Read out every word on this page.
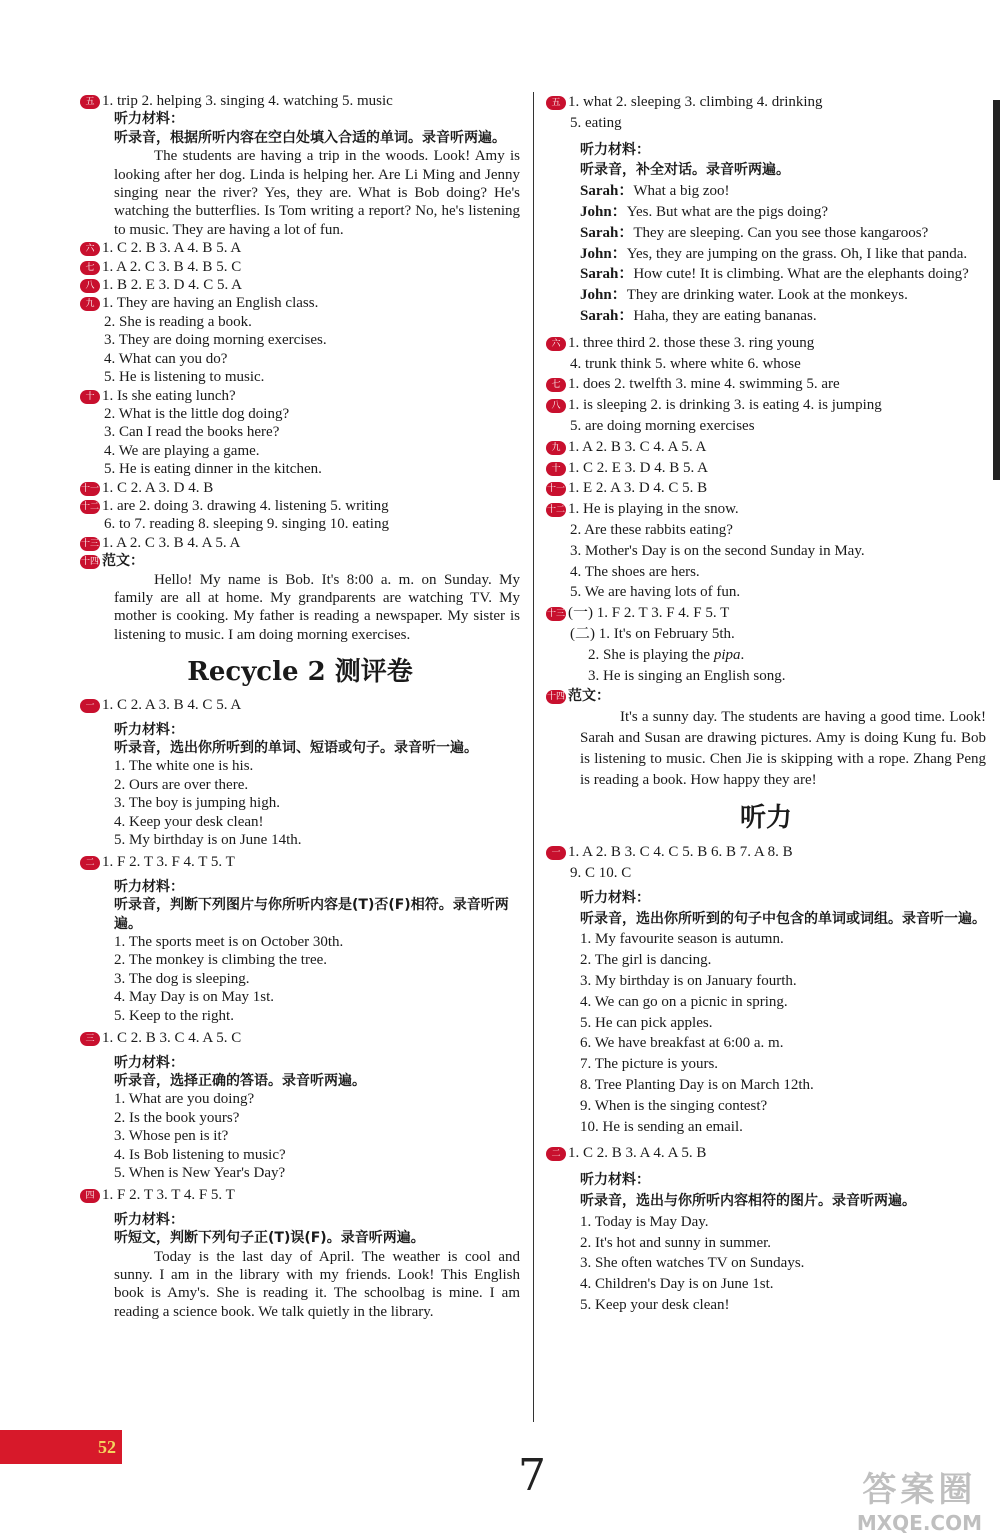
五 1. trip 2. helping 3. singing 4. watching 5. music
听力材料：
听录音，根据所听内容在空白处填入合适的单词。录音听两遍。
The students are having a trip in the woods. Look! Amy is looking after her dog. Linda is helping her. Are Li Ming and Jenny singing near the river? Yes, they are. What is Bob doing? He's watching the butterflies. Is Tom writing a report? No, he's listening to music. They are having a lot of fun.
六 1. C 2. B 3. A 4. B 5. A
七 1. A 2. C 3. B 4. B 5. C
八 1. B 2. E 3. D 4. C 5. A
九 1. They are having an English class.
2. She is reading a book.
3. They are doing morning exercises.
4. What can you do?
5. He is listening to music.
十 1. Is she eating lunch?
2. What is the little dog doing?
3. Can I read the books here?
4. We are playing a game.
5. He is eating dinner in the kitchen.
十一 1. C 2. A 3. D 4. B
十二 1. are 2. doing 3. drawing 4. listening 5. writing
6. to 7. reading 8. sleeping 9. singing 10. eating
十三 1. A 2. C 3. B 4. A 5. A
十四 范文：
Hello! My name is Bob. It's 8:00 a. m. on Sunday. My family are all at home. My grandparents are watching TV. My mother is cooking. My father is reading a newspaper. My sister is listening to music. I am doing morning exercises.
Recycle 2 测评卷
一 1. C 2. A 3. B 4. C 5. A
听力材料：
听录音，选出你所听到的单词、短语或句子。录音听一遍。
1. The white one is his.
2. Ours are over there.
3. The boy is jumping high.
4. Keep your desk clean!
5. My birthday is on June 14th.
二 1. F 2. T 3. F 4. T 5. T
听力材料：
听录音，判断下列图片与你所听内容是(T)否(F)相符。录音听两遍。
1. The sports meet is on October 30th.
2. The monkey is climbing the tree.
3. The dog is sleeping.
4. May Day is on May 1st.
5. Keep to the right.
三 1. C 2. B 3. C 4. A 5. C
听力材料：
听录音，选择正确的答语。录音听两遍。
1. What are you doing?
2. Is the book yours?
3. Whose pen is it?
4. Is Bob listening to music?
5. When is New Year's Day?
四 1. F 2. T 3. T 4. F 5. T
听力材料：
听短文，判断下列句子正(T)误(F)。录音听两遍。
Today is the last day of April. The weather is cool and sunny. I am in the library with my friends. Look! This English book is Amy's. She is reading it. The schoolbag is mine. I am reading a science book. We talk quietly in the library.
五 1. what 2. sleeping 3. climbing 4. drinking
5. eating
听力材料：
听录音，补全对话。录音听两遍。
Sarah：What a big zoo!
John：Yes. But what are the pigs doing?
Sarah：They are sleeping. Can you see those kangaroos?
John：Yes, they are jumping on the grass. Oh, I like that panda.
Sarah：How cute! It is climbing. What are the elephants doing?
John：They are drinking water. Look at the monkeys.
Sarah：Haha, they are eating bananas.
六 1. three third 2. those these 3. ring young
4. trunk think 5. where white 6. whose
七 1. does 2. twelfth 3. mine 4. swimming 5. are
八 1. is sleeping 2. is drinking 3. is eating 4. is jumping
5. are doing morning exercises
九 1. A 2. B 3. C 4. A 5. A
十 1. C 2. E 3. D 4. B 5. A
十一 1. E 2. A 3. D 4. C 5. B
十二 1. He is playing in the snow.
2. Are these rabbits eating?
3. Mother's Day is on the second Sunday in May.
4. The shoes are hers.
5. We are having lots of fun.
十三 (一) 1. F 2. T 3. F 4. F 5. T
(二) 1. It's on February 5th.
2. She is playing the pipa.
3. He is singing an English song.
十四 范文：
It's a sunny day. The students are having a good time. Look! Sarah and Susan are drawing pictures. Amy is doing Kung fu. Bob is listening to music. Chen Jie is skipping with a rope. Zhang Peng is reading a book. How happy they are!
听力
一 1. A 2. B 3. C 4. C 5. B 6. B 7. A 8. B
9. C 10. C
听力材料：
听录音，选出你所听到的句子中包含的单词或词组。录音听一遍。
1. My favourite season is autumn.
2. The girl is dancing.
3. My birthday is on January fourth.
4. We can go on a picnic in spring.
5. He can pick apples.
6. We have breakfast at 6:00 a. m.
7. The picture is yours.
8. Tree Planting Day is on March 12th.
9. When is the singing contest?
10. He is sending an email.
二 1. C 2. B 3. A 4. A 5. B
听力材料：
听录音，选出与你所听内容相符的图片。录音听两遍。
1. Today is May Day.
2. It's hot and sunny in summer.
3. She often watches TV on Sundays.
4. Children's Day is on June 1st.
5. Keep your desk clean!
52
7	答案圈
MXQE.COM
